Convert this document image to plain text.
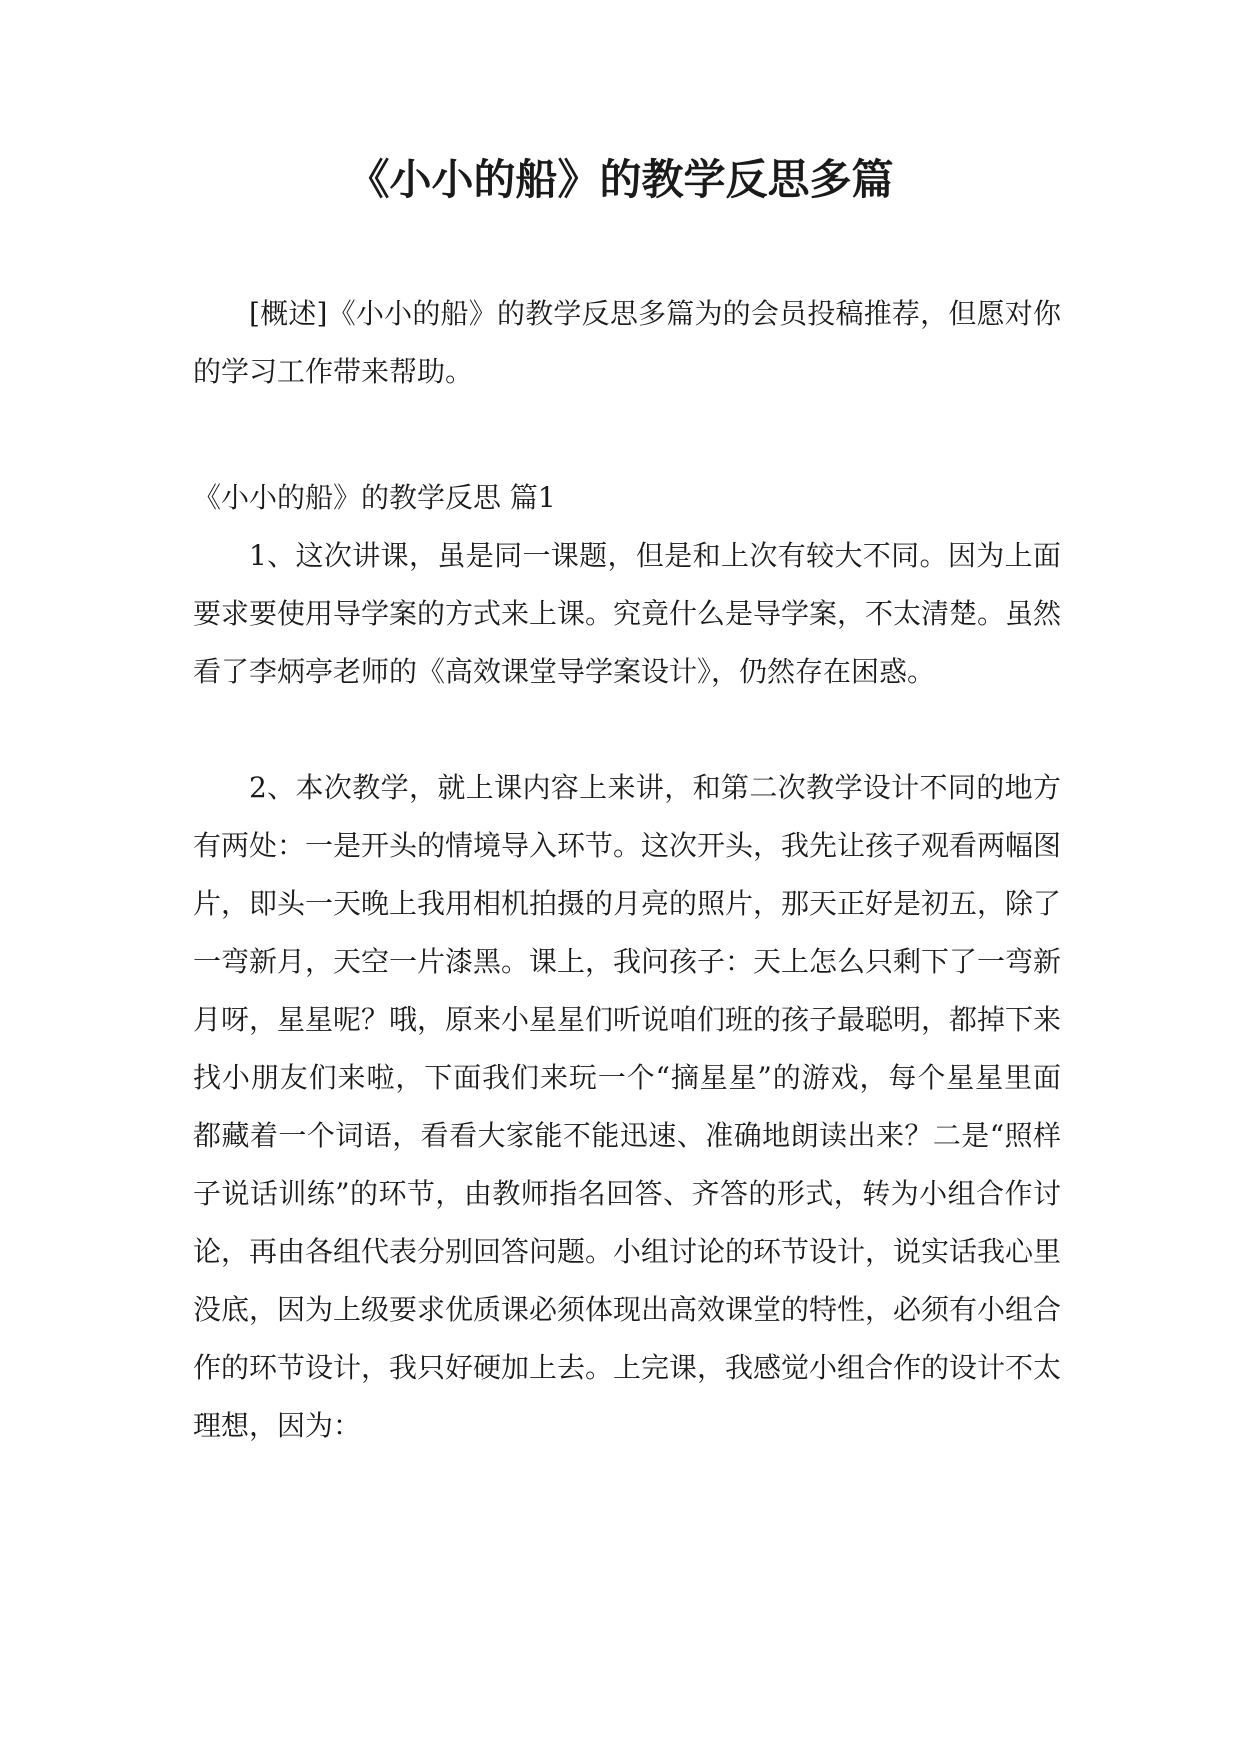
《小小的船》的教学反思多篇

[概述]《小小的船》的教学反思多篇为的会员投稿推荐，但愿对你的学习工作带来帮助。

《小小的船》的教学反思 篇1

1、这次讲课，虽是同一课题，但是和上次有较大不同。因为上面要求要使用导学案的方式来上课。究竟什么是导学案，不太清楚。虽然看了李炳亭老师的《高效课堂导学案设计》，仍然存在困惑。

2、本次教学，就上课内容上来讲，和第二次教学设计不同的地方有两处：一是开头的情境导入环节。这次开头，我先让孩子观看两幅图片，即头一天晚上我用相机拍摄的月亮的照片，那天正好是初五，除了一弯新月，天空一片漆黑。课上，我问孩子：天上怎么只剩下了一弯新月呀，星星呢？哦，原来小星星们听说咱们班的孩子最聪明，都掉下来找小朋友们来啦，下面我们来玩一个“摘星星”的游戏，每个星星里面都藏着一个词语，看看大家能不能迅速、准确地朗读出来？二是“照样子说话训练”的环节，由教师指名回答、齐答的形式，转为小组合作讨论，再由各组代表分别回答问题。小组讨论的环节设计，说实话我心里没底，因为上级要求优质课必须体现出高效课堂的特性，必须有小组合作的环节设计，我只好硬加上去。上完课，我感觉小组合作的设计不太理想，因为：
